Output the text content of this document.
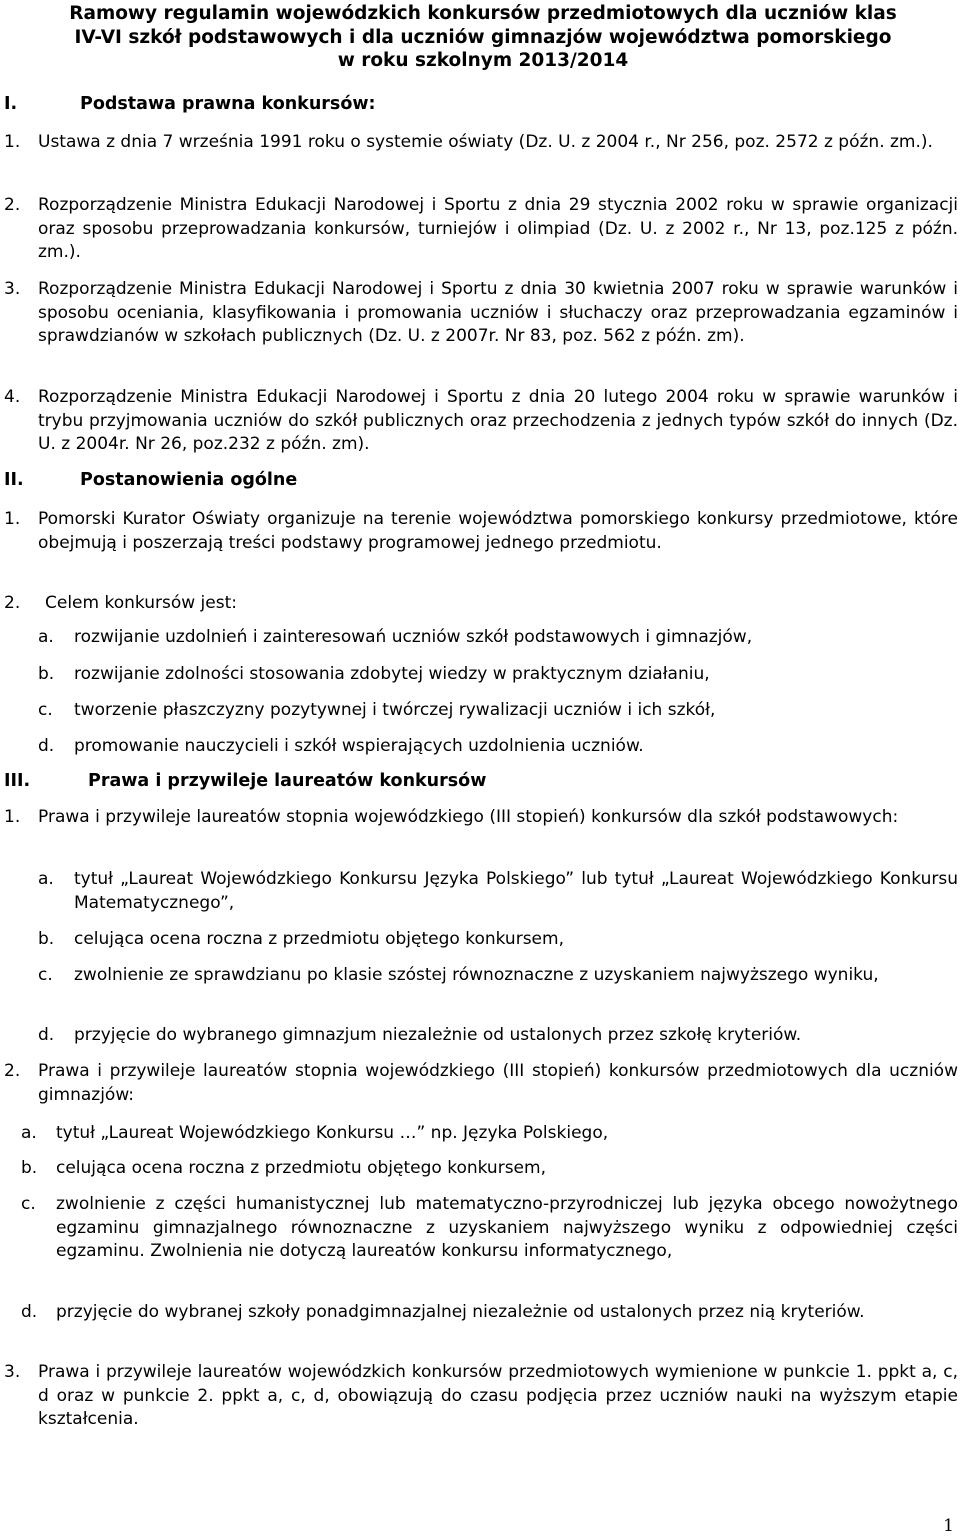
Ramowy regulamin wojewódzkich konkursów przedmiotowych dla uczniów klas
IV-VI szkół podstawowych i dla uczniów gimnazjów województwa pomorskiego
w roku szkolnym 2013/2014
I.	Podstawa prawna konkursów:
1. Ustawa z dnia 7 września 1991 roku o systemie oświaty (Dz. U. z 2004 r., Nr 256, poz. 2572 z późn. zm.).
2. Rozporządzenie Ministra Edukacji Narodowej i Sportu z dnia 29 stycznia 2002 roku w sprawie organizacji oraz sposobu przeprowadzania konkursów, turniejów i olimpiad (Dz. U. z 2002 r., Nr 13, poz.125 z późn. zm.).
3. Rozporządzenie Ministra Edukacji Narodowej i Sportu z dnia 30 kwietnia 2007 roku w sprawie warunków i sposobu oceniania, klasyfikowania i promowania uczniów i słuchaczy oraz przeprowadzania egzaminów i sprawdzianów w szkołach publicznych (Dz. U. z 2007r. Nr 83, poz. 562 z późn. zm).
4. Rozporządzenie Ministra Edukacji Narodowej i Sportu z dnia 20 lutego 2004 roku w sprawie warunków i trybu przyjmowania uczniów do szkół publicznych oraz przechodzenia z jednych typów szkół do innych (Dz. U. z 2004r. Nr 26, poz.232 z późn. zm).
II.	Postanowienia ogólne
1. Pomorski Kurator Oświaty organizuje na terenie województwa pomorskiego konkursy przedmiotowe, które obejmują i poszerzają treści podstawy programowej jednego przedmiotu.
2. Celem konkursów jest:
a. rozwijanie uzdolnień i zainteresowań uczniów szkół podstawowych i gimnazjów,
b. rozwijanie zdolności stosowania zdobytej wiedzy w praktycznym działaniu,
c. tworzenie płaszczyzny pozytywnej i twórczej rywalizacji uczniów i ich szkół,
d. promowanie nauczycieli i szkół wspierających uzdolnienia uczniów.
III.	Prawa i przywileje laureatów konkursów
1. Prawa i przywileje laureatów stopnia wojewódzkiego (III stopień) konkursów dla szkół podstawowych:
a. tytuł „Laureat Wojewódzkiego Konkursu Języka Polskiego” lub tytuł „Laureat Wojewódzkiego Konkursu Matematycznego”,
b. celująca ocena roczna z przedmiotu objętego konkursem,
c. zwolnienie ze sprawdzianu po klasie szóstej równoznaczne z uzyskaniem najwyższego wyniku,
d. przyjęcie do wybranego gimnazjum niezależnie od ustalonych przez szkołę kryteriów.
2. Prawa i przywileje laureatów stopnia wojewódzkiego (III stopień) konkursów przedmiotowych dla uczniów gimnazjów:
a. tytuł „Laureat Wojewódzkiego Konkursu …” np. Języka Polskiego,
b. celująca ocena roczna z przedmiotu objętego konkursem,
c. zwolnienie z części humanistycznej lub matematyczno-przyrodniczej lub języka obcego nowożytnego egzaminu gimnazjalnego równoznaczne z uzyskaniem najwyższego wyniku z odpowiedniej części egzaminu. Zwolnienia nie dotyczą laureatów konkursu informatycznego,
d. przyjęcie do wybranej szkoły ponadgimnazjalnej niezależnie od ustalonych przez nią kryteriów.
3. Prawa i przywileje laureatów wojewódzkich konkursów przedmiotowych wymienione w punkcie 1. ppkt a, c, d oraz w punkcie 2. ppkt a, c, d, obowiązują do czasu podjęcia przez uczniów nauki na wyższym etapie kształcenia.
1
